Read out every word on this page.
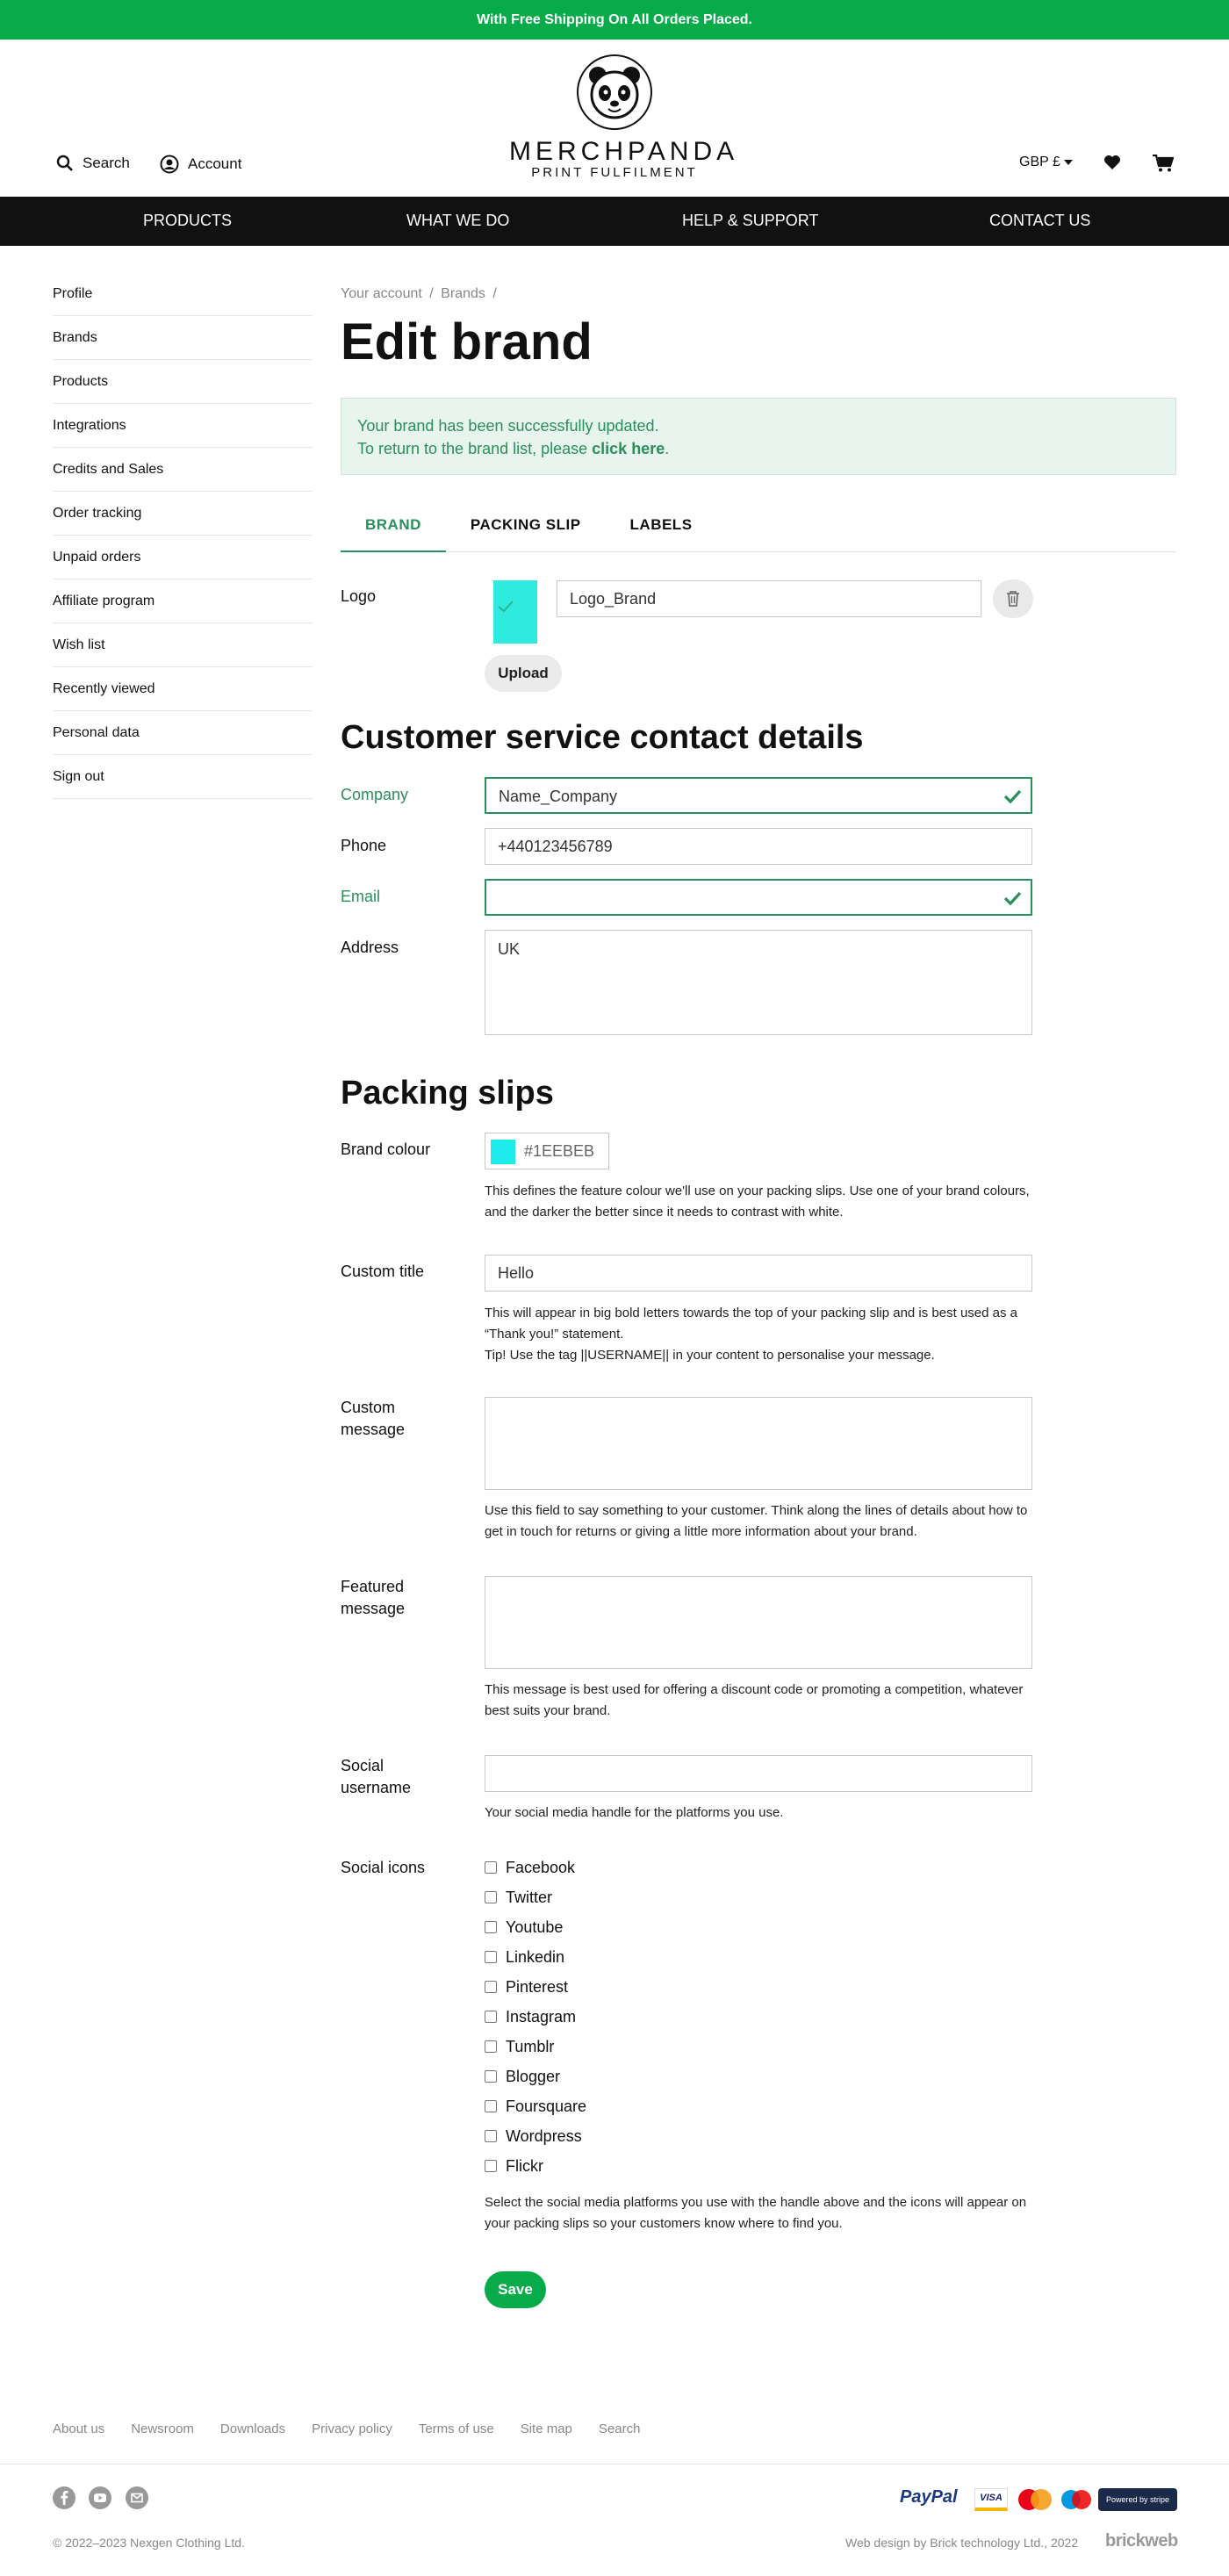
With Free Shipping On All Orders Placed.
Search	Account	MERCHPANDA
PRINT FULFILMENT
GBP £
PRODUCTS	WHAT WE DO	HELP & SUPPORT	CONTACT US
Profile
Brands
Products
Integrations
Credits and Sales
Order tracking
Unpaid orders
Affiliate program
Wish list
Recently viewed
Personal data
Sign out
Your account / Brands /
Edit brand
Your brand has been successfully updated.
To return to the brand list, please click here.
BRAND	PACKING SLIP	LABELS
Logo	Logo_Brand
Upload
Customer service contact details
Company	Name_Company
Phone	+440123456789
Email
Address	UK
Packing slips
Brand colour	#1EEBEB
This defines the feature colour we'll use on your packing slips. Use one of your brand colours, and the darker the better since it needs to contrast with white.
Custom title	Hello
This will appear in big bold letters towards the top of your packing slip and is best used as a “Thank you!” statement.
Tip! Use the tag ||USERNAME|| in your content to personalise your message.
Custom message
Use this field to say something to your customer. Think along the lines of details about how to get in touch for returns or giving a little more information about your brand.
Featured message
This message is best used for offering a discount code or promoting a competition, whatever best suits your brand.
Social username
Your social media handle for the platforms you use.
Social icons	Facebook
Twitter
Youtube
Linkedin
Pinterest
Instagram
Tumblr
Blogger
Foursquare
Wordpress
Flickr
Select the social media platforms you use with the handle above and the icons will appear on your packing slips so your customers know where to find you.
Save
About us Newsroom Downloads Privacy policy Terms of use Site map Search
PayPal	VISA	Powered by stripe
© 2022–2023 Nexgen Clothing Ltd.	Web design by Brick technology Ltd., 2022 brickweb
